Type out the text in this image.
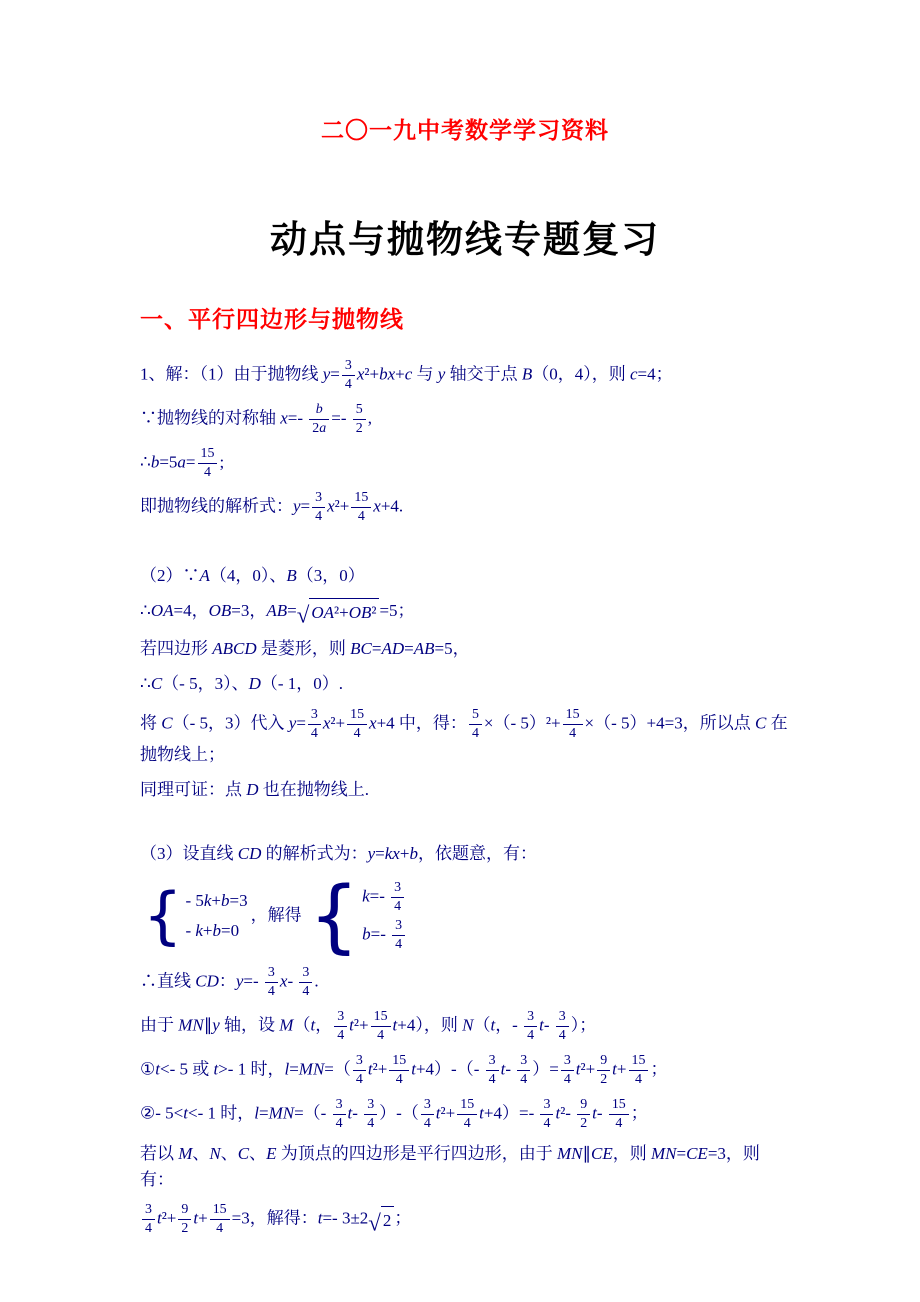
二〇一九中考数学学习资料
动点与抛物线专题复习
一、平行四边形与抛物线
1、解：（1）由于抛物线 $y= \frac{3}{4} x^2+bx+c$ 与 y 轴交于点 B（0，4），则 c=4；
∵抛物线的对称轴 $x=- \frac{b}{2a} =- \frac{5}{2}$ ,
∴b=5a= $\frac{15}{4}$ ;
即抛物线的解析式：$y= \frac{3}{4} x^2+ \frac{15}{4} x+4$.
（2）∵A（4，0）、B（3，0）
∴OA=4，OB=3，AB=√ OA²+OB² =5；
若四边形 ABCD 是菱形，则 BC=AD=AB=5，
∴C（- 5，3）、D（- 1，0）.
将 C（- 5，3）代入 $y= \frac{3}{4} x^2+ \frac{15}{4} x+4$ 中，得： $\frac{5}{4}$ ×（- $5)^2+ \frac{15}{4}$ ×（- 5）+4=3，所以点 C 在抛物线上；
同理可证：点 D 也在抛物线上.
（3）设直线 CD 的解析式为：y=kx+b，依题意，有：
{ - 5k+b=3
- k+b=0
，解得 { $k=- \frac{3}{4}$
$b=- \frac{3}{4}$
∴直线 CD：$y=- \frac{3}{4} x- \frac{3}{4}$ .
由于 MN∥y 轴，设 M（t， $\frac{3}{4} t^2+ \frac{15}{4} t+4$），则 N（t，- $\frac{3}{4} t- \frac{3}{4}$ ）；
①t<- 5 或 t>- 1 时，$l=MN=( \frac{3}{4} t^2+ \frac{15}{4} t+4)-(- \frac{3}{4} t- \frac{3}{4}$ ）= $\frac{3}{4} t^2+ \frac{9}{2} t+ \frac{15}{4}$ ；
②- 5<t<- 1 时，$l=MN=(- \frac{3}{4} t- \frac{3}{4}$ ）-（ $\frac{3}{4} t^2+ \frac{15}{4} t+4)=- \frac{3}{4} t^2- \frac{9}{2} t- \frac{15}{4}$ ；
若以 M、N、C、E 为顶点的四边形是平行四边形，由于 MN∥CE，则 MN=CE=3，则有：
$\frac{3}{4} t^2+ \frac{9}{2} t+ \frac{15}{4} =3$，解得：t=- 3±2√ 2 ；
